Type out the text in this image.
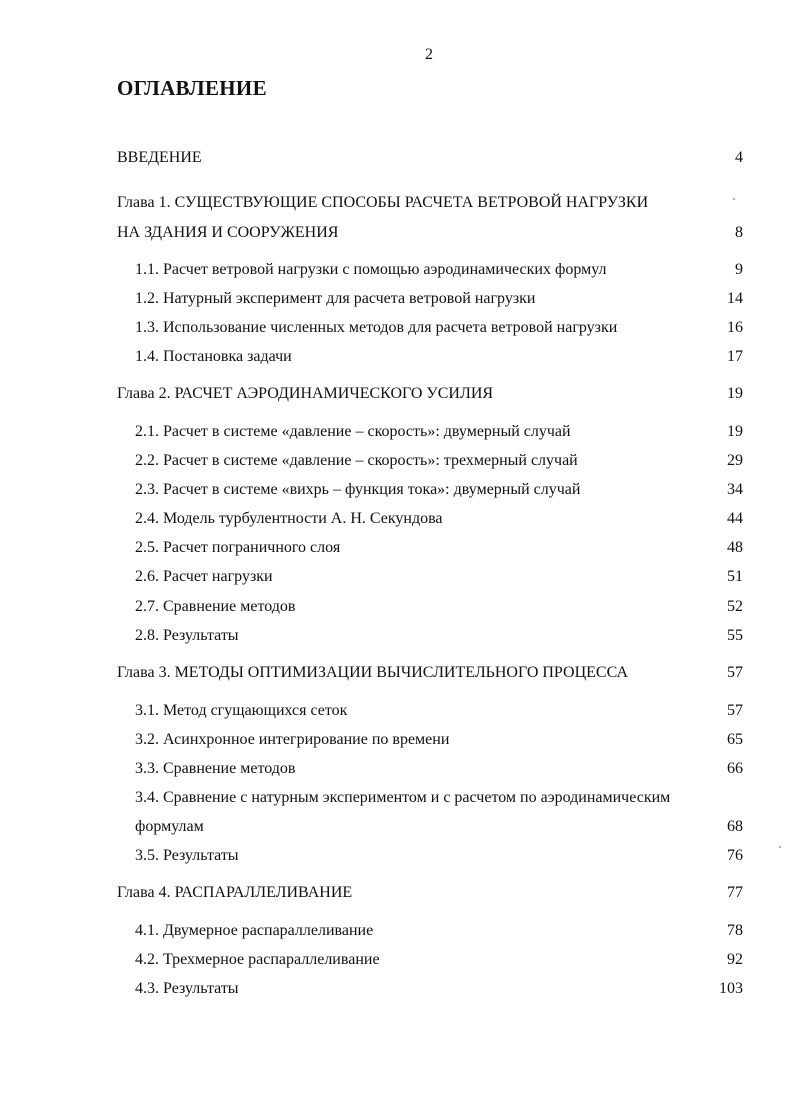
2
ОГЛАВЛЕНИЕ
ВВЕДЕНИЕ	4
Глава 1. СУЩЕСТВУЮЩИЕ СПОСОБЫ РАСЧЕТА ВЕТРОВОЙ НАГРУЗКИ
НА ЗДАНИЯ И СООРУЖЕНИЯ	8
1.1. Расчет ветровой нагрузки с помощью аэродинамических формул	9
1.2. Натурный эксперимент для расчета ветровой нагрузки	14
1.3. Использование численных методов для расчета ветровой нагрузки	16
1.4. Постановка задачи	17
Глава 2. РАСЧЕТ АЭРОДИНАМИЧЕСКОГО УСИЛИЯ	19
2.1. Расчет в системе «давление – скорость»: двумерный случай	19
2.2. Расчет в системе «давление – скорость»: трехмерный случай	29
2.3. Расчет в системе «вихрь – функция тока»: двумерный случай	34
2.4. Модель турбулентности А. Н. Секундова	44
2.5. Расчет пограничного слоя	48
2.6. Расчет нагрузки	51
2.7. Сравнение методов	52
2.8. Результаты	55
Глава 3. МЕТОДЫ ОПТИМИЗАЦИИ ВЫЧИСЛИТЕЛЬНОГО ПРОЦЕССА	57
3.1. Метод сгущающихся сеток	57
3.2. Асинхронное интегрирование по времени	65
3.3. Сравнение методов	66
3.4. Сравнение с натурным экспериментом и с расчетом по аэродинамическим
формулам	68
3.5. Результаты	76
Глава 4. РАСПАРАЛЛЕЛИВАНИЕ	77
4.1. Двумерное распараллеливание	78
4.2. Трехмерное распараллеливание	92
4.3. Результаты	103
